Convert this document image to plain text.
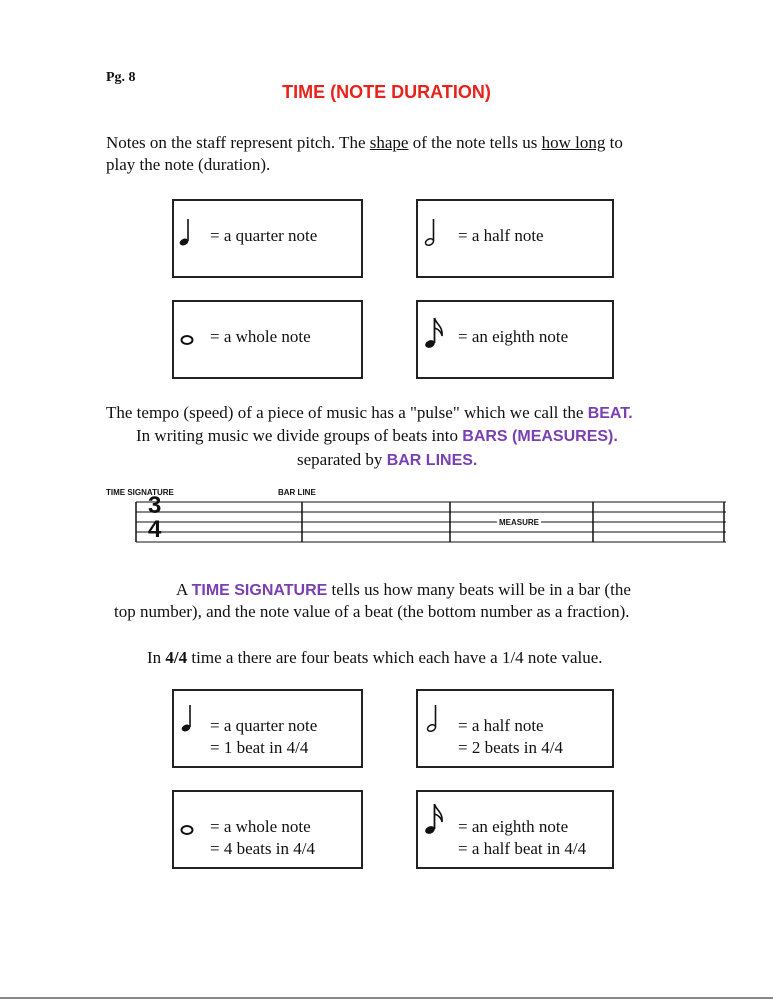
Pg. 8
TIME (NOTE DURATION)
Notes on the staff represent pitch. The shape of the note tells us how long to
play the note (duration).
= a quarter note	= a half note
= a whole note	= an eighth note
The tempo (speed) of a piece of music has a "pulse" which we call the BEAT.
In writing music we divide groups of beats into BARS (MEASURES).
separated by BAR LINES.
TIME SIGNATURE	BAR LINE
3
4	MEASURE
A TIME SIGNATURE tells us how many beats will be in a bar (the
top number), and the note value of a beat (the bottom number as a fraction).
In 4/4 time a there are four beats which each have a 1/4 note value.
= a quarter note
= 1 beat in 4/4
= a half note
= 2 beats in 4/4
= a whole note
= 4 beats in 4/4
= an eighth note
= a half beat in 4/4
